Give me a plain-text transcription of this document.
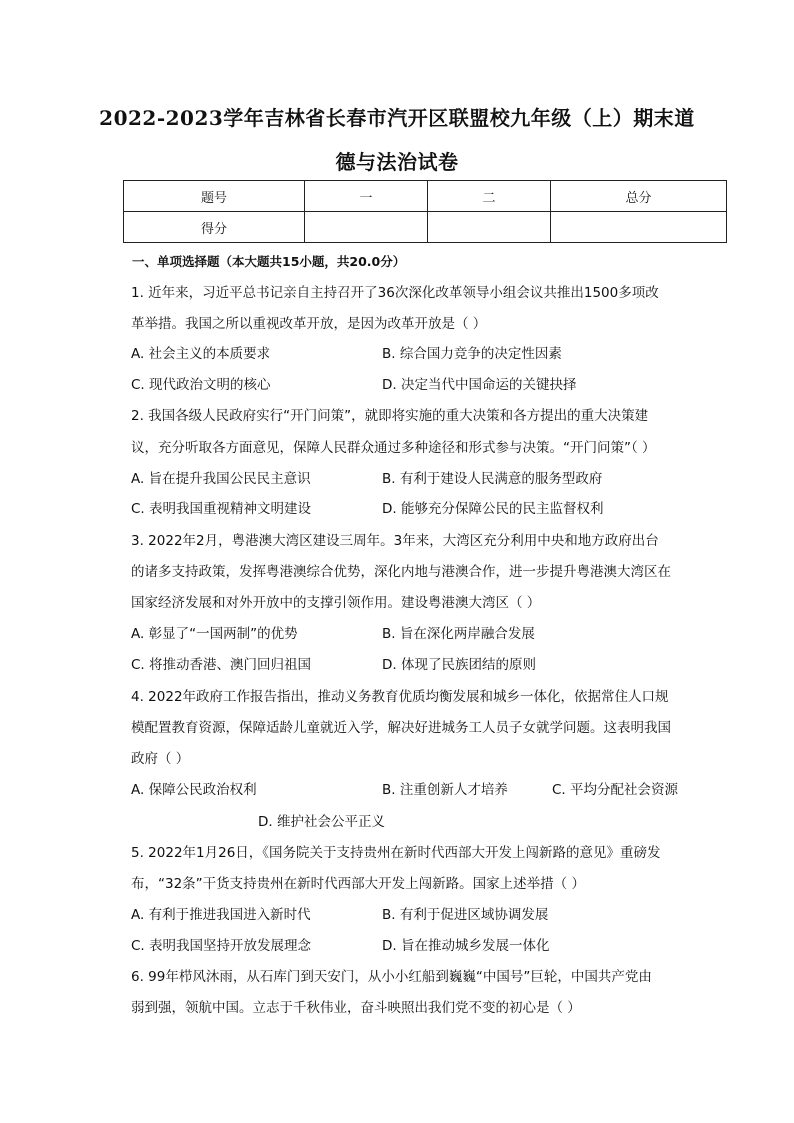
2022-2023学年吉林省长春市汽开区联盟校九年级（上）期末道
德与法治试卷
题号	一	二	总分
得分			
一、单项选择题（本大题共15小题，共20.0分）
1. 近年来，习近平总书记亲自主持召开了36次深化改革领导小组会议共推出1500多项改
革举措。我国之所以重视改革开放，是因为改革开放是（ ）
A. 社会主义的本质要求	B. 综合国力竞争的决定性因素
C. 现代政治文明的核心	D. 决定当代中国命运的关键抉择
2. 我国各级人民政府实行“开门问策”，就即将实施的重大决策和各方提出的重大决策建
议，充分听取各方面意见，保障人民群众通过多种途径和形式参与决策。“开门问策”（ ）
A. 旨在提升我国公民民主意识	B. 有利于建设人民满意的服务型政府
C. 表明我国重视精神文明建设	D. 能够充分保障公民的民主监督权利
3. 2022年2月，粤港澳大湾区建设三周年。3年来，大湾区充分利用中央和地方政府出台
的诸多支持政策，发挥粤港澳综合优势，深化内地与港澳合作，进一步提升粤港澳大湾区在
国家经济发展和对外开放中的支撑引领作用。建设粤港澳大湾区（ ）
A. 彰显了“一国两制”的优势	B. 旨在深化两岸融合发展
C. 将推动香港、澳门回归祖国	D. 体现了民族团结的原则
4. 2022年政府工作报告指出，推动义务教育优质均衡发展和城乡一体化，依据常住人口规
模配置教育资源，保障适龄儿童就近入学，解决好进城务工人员子女就学问题。这表明我国
政府（ ）
A. 保障公民政治权利	B. 注重创新人才培养	C. 平均分配社会资源
D. 维护社会公平正义
5. 2022年1月26日，《国务院关于支持贵州在新时代西部大开发上闯新路的意见》重磅发
布，“32条”干货支持贵州在新时代西部大开发上闯新路。国家上述举措（ ）
A. 有利于推进我国进入新时代	B. 有利于促进区域协调发展
C. 表明我国坚持开放发展理念	D. 旨在推动城乡发展一体化
6. 99年栉风沐雨，从石库门到天安门，从小小红船到巍巍“中国号”巨轮，中国共产党由
弱到强，领航中国。立志于千秋伟业，奋斗映照出我们党不变的初心是（ ）
